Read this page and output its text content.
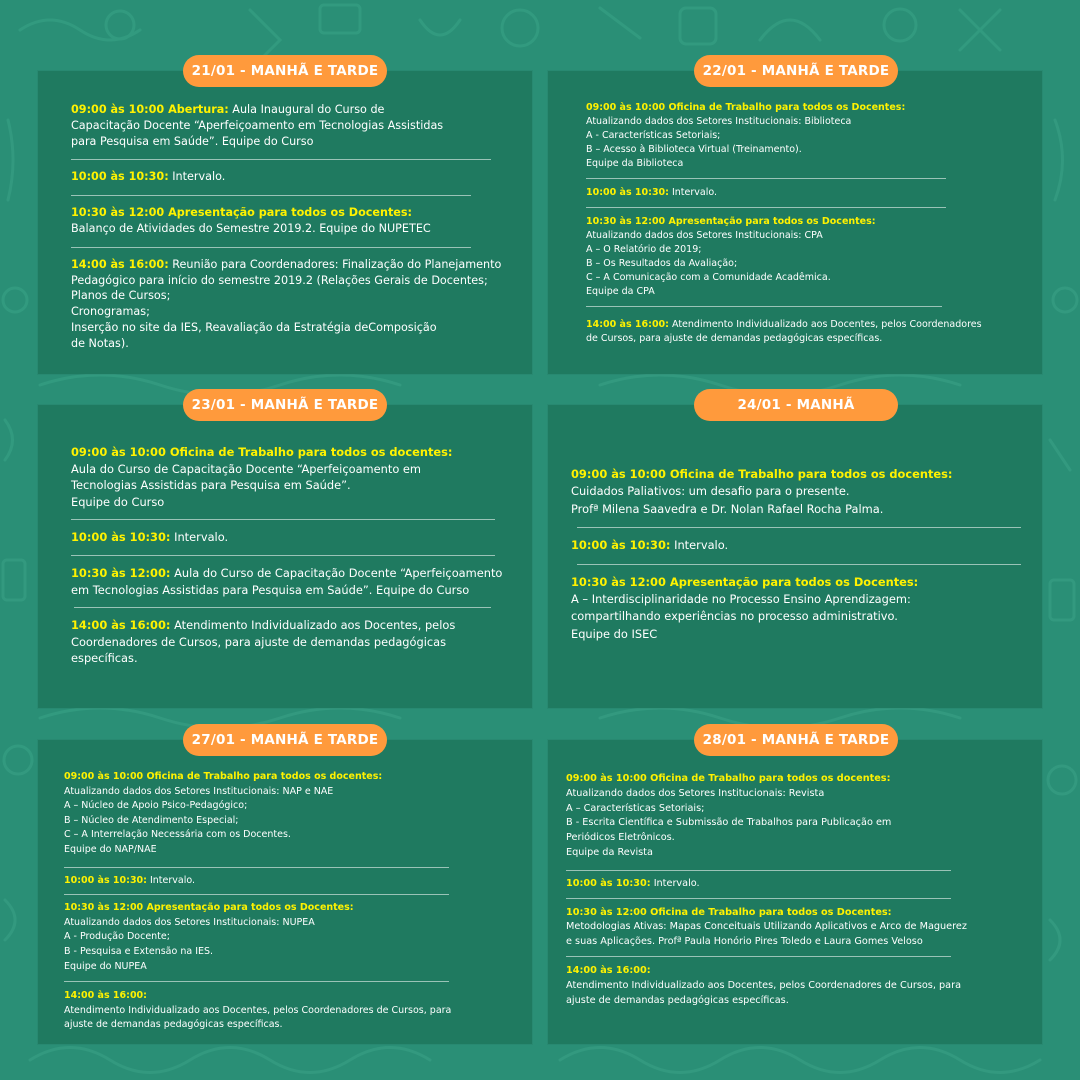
21/01 - MANHÃ E TARDE
09:00 às 10:00 Abertura: Aula Inaugural do Curso de
Capacitação Docente “Aperfeiçoamento em Tecnologias Assistidas
para Pesquisa em Saúde”. Equipe do Curso
10:00 às 10:30: Intervalo.
10:30 às 12:00 Apresentação para todos os Docentes:
Balanço de Atividades do Semestre 2019.2. Equipe do NUPETEC
14:00 às 16:00: Reunião para Coordenadores: Finalização do Planejamento
Pedagógico para início do semestre 2019.2 (Relações Gerais de Docentes;
Planos de Cursos;
Cronogramas;
Inserção no site da IES, Reavaliação da Estratégia deComposição
de Notas).
22/01 - MANHÃ E TARDE
09:00 às 10:00 Oficina de Trabalho para todos os Docentes:
Atualizando dados dos Setores Institucionais: Biblioteca
A - Características Setoriais;
B – Acesso à Biblioteca Virtual (Treinamento).
Equipe da Biblioteca
10:00 às 10:30: Intervalo.
10:30 às 12:00 Apresentação para todos os Docentes:
Atualizando dados dos Setores Institucionais: CPA
A – O Relatório de 2019;
B – Os Resultados da Avaliação;
C – A Comunicação com a Comunidade Acadêmica.
Equipe da CPA
14:00 às 16:00: Atendimento Individualizado aos Docentes, pelos Coordenadores
de Cursos, para ajuste de demandas pedagógicas específicas.
23/01 - MANHÃ E TARDE
09:00 às 10:00 Oficina de Trabalho para todos os docentes:
Aula do Curso de Capacitação Docente “Aperfeiçoamento em
Tecnologias Assistidas para Pesquisa em Saúde”.
Equipe do Curso
10:00 às 10:30: Intervalo.
10:30 às 12:00: Aula do Curso de Capacitação Docente “Aperfeiçoamento
em Tecnologias Assistidas para Pesquisa em Saúde”. Equipe do Curso
14:00 às 16:00: Atendimento Individualizado aos Docentes, pelos
Coordenadores de Cursos, para ajuste de demandas pedagógicas
específicas.
24/01 - MANHÃ
09:00 às 10:00 Oficina de Trabalho para todos os docentes:
Cuidados Paliativos: um desafio para o presente.
Profª Milena Saavedra e Dr. Nolan Rafael Rocha Palma.
10:00 às 10:30: Intervalo.
10:30 às 12:00 Apresentação para todos os Docentes:
A – Interdisciplinaridade no Processo Ensino Aprendizagem:
compartilhando experiências no processo administrativo.
Equipe do ISEC
27/01 - MANHÃ E TARDE
09:00 às 10:00 Oficina de Trabalho para todos os docentes:
Atualizando dados dos Setores Institucionais: NAP e NAE
A – Núcleo de Apoio Psico-Pedagógico;
B – Núcleo de Atendimento Especial;
C – A Interrelação Necessária com os Docentes.
Equipe do NAP/NAE
10:00 às 10:30: Intervalo.
10:30 às 12:00 Apresentação para todos os Docentes:
Atualizando dados dos Setores Institucionais: NUPEA
A - Produção Docente;
B - Pesquisa e Extensão na IES.
Equipe do NUPEA
14:00 às 16:00:
Atendimento Individualizado aos Docentes, pelos Coordenadores de Cursos, para
ajuste de demandas pedagógicas específicas.
28/01 - MANHÃ E TARDE
09:00 às 10:00 Oficina de Trabalho para todos os docentes:
Atualizando dados dos Setores Institucionais: Revista
A – Características Setoriais;
B - Escrita Científica e Submissão de Trabalhos para Publicação em
Periódicos Eletrônicos.
Equipe da Revista
10:00 às 10:30: Intervalo.
10:30 às 12:00 Oficina de Trabalho para todos os Docentes:
Metodologias Ativas: Mapas Conceituais Utilizando Aplicativos e Arco de Maguerez
e suas Aplicações. Profª Paula Honório Pires Toledo e Laura Gomes Veloso
14:00 às 16:00:
Atendimento Individualizado aos Docentes, pelos Coordenadores de Cursos, para
ajuste de demandas pedagógicas específicas.
